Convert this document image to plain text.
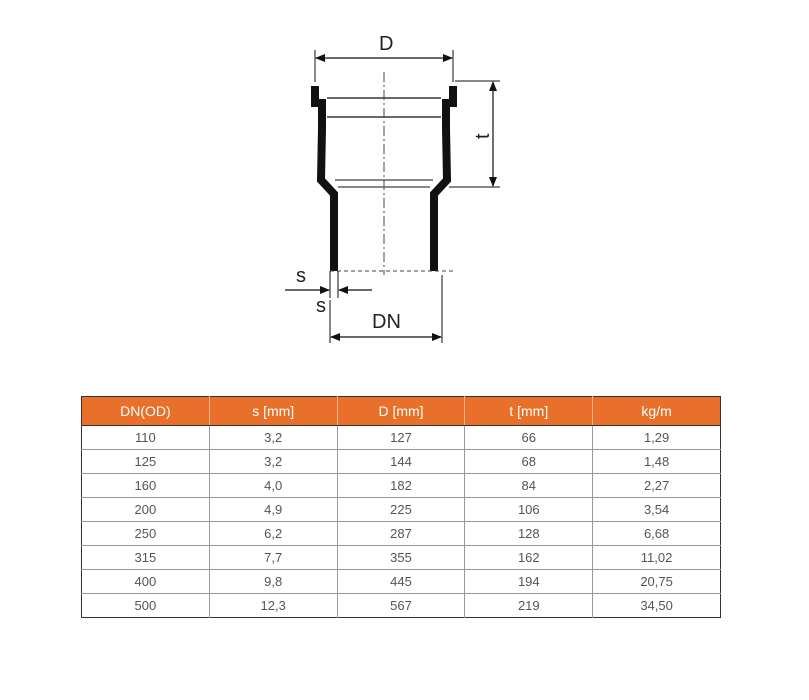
D
t
s
s
DN
DN(OD)	s [mm]	D [mm]	t [mm]	kg/m
110	3,2	127	66	1,29
125	3,2	144	68	1,48
160	4,0	182	84	2,27
200	4,9	225	106	3,54
250	6,2	287	128	6,68
315	7,7	355	162	11,02
400	9,8	445	194	20,75
500	12,3	567	219	34,50
